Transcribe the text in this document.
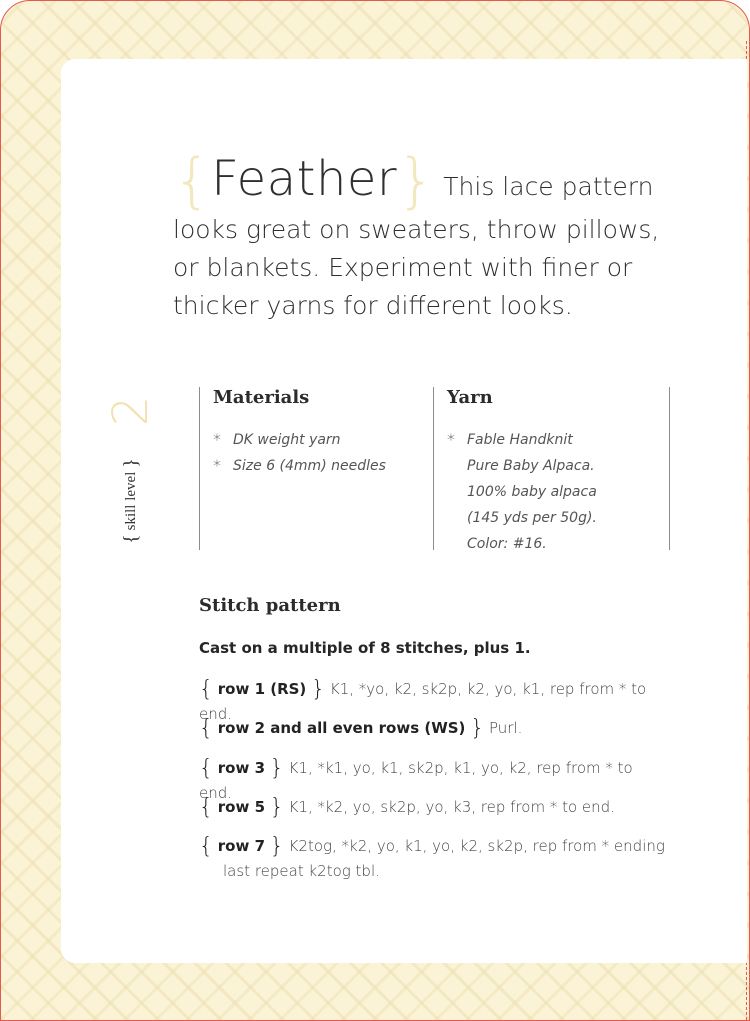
{Feather} This lace pattern looks great on sweaters, throw pillows, or blankets. Experiment with finer or thicker yarns for different looks.
2
{ skill level }
Materials
* DK weight yarn
* Size 6 (4mm) needles
Yarn
* Fable Handknit
Pure Baby Alpaca.
100% baby alpaca
(145 yds per 50g).
Color: #16.
Stitch pattern
Cast on a multiple of 8 stitches, plus 1.
{ row 1 (RS) } K1, *yo, k2, sk2p, k2, yo, k1, rep from * to end.
{ row 2 and all even rows (WS) } Purl.
{ row 3 } K1, *k1, yo, k1, sk2p, k1, yo, k2, rep from * to end.
{ row 5 } K1, *k2, yo, sk2p, yo, k3, rep from * to end.
{ row 7 } K2tog, *k2, yo, k1, yo, k2, sk2p, rep from * ending
last repeat k2tog tbl.
